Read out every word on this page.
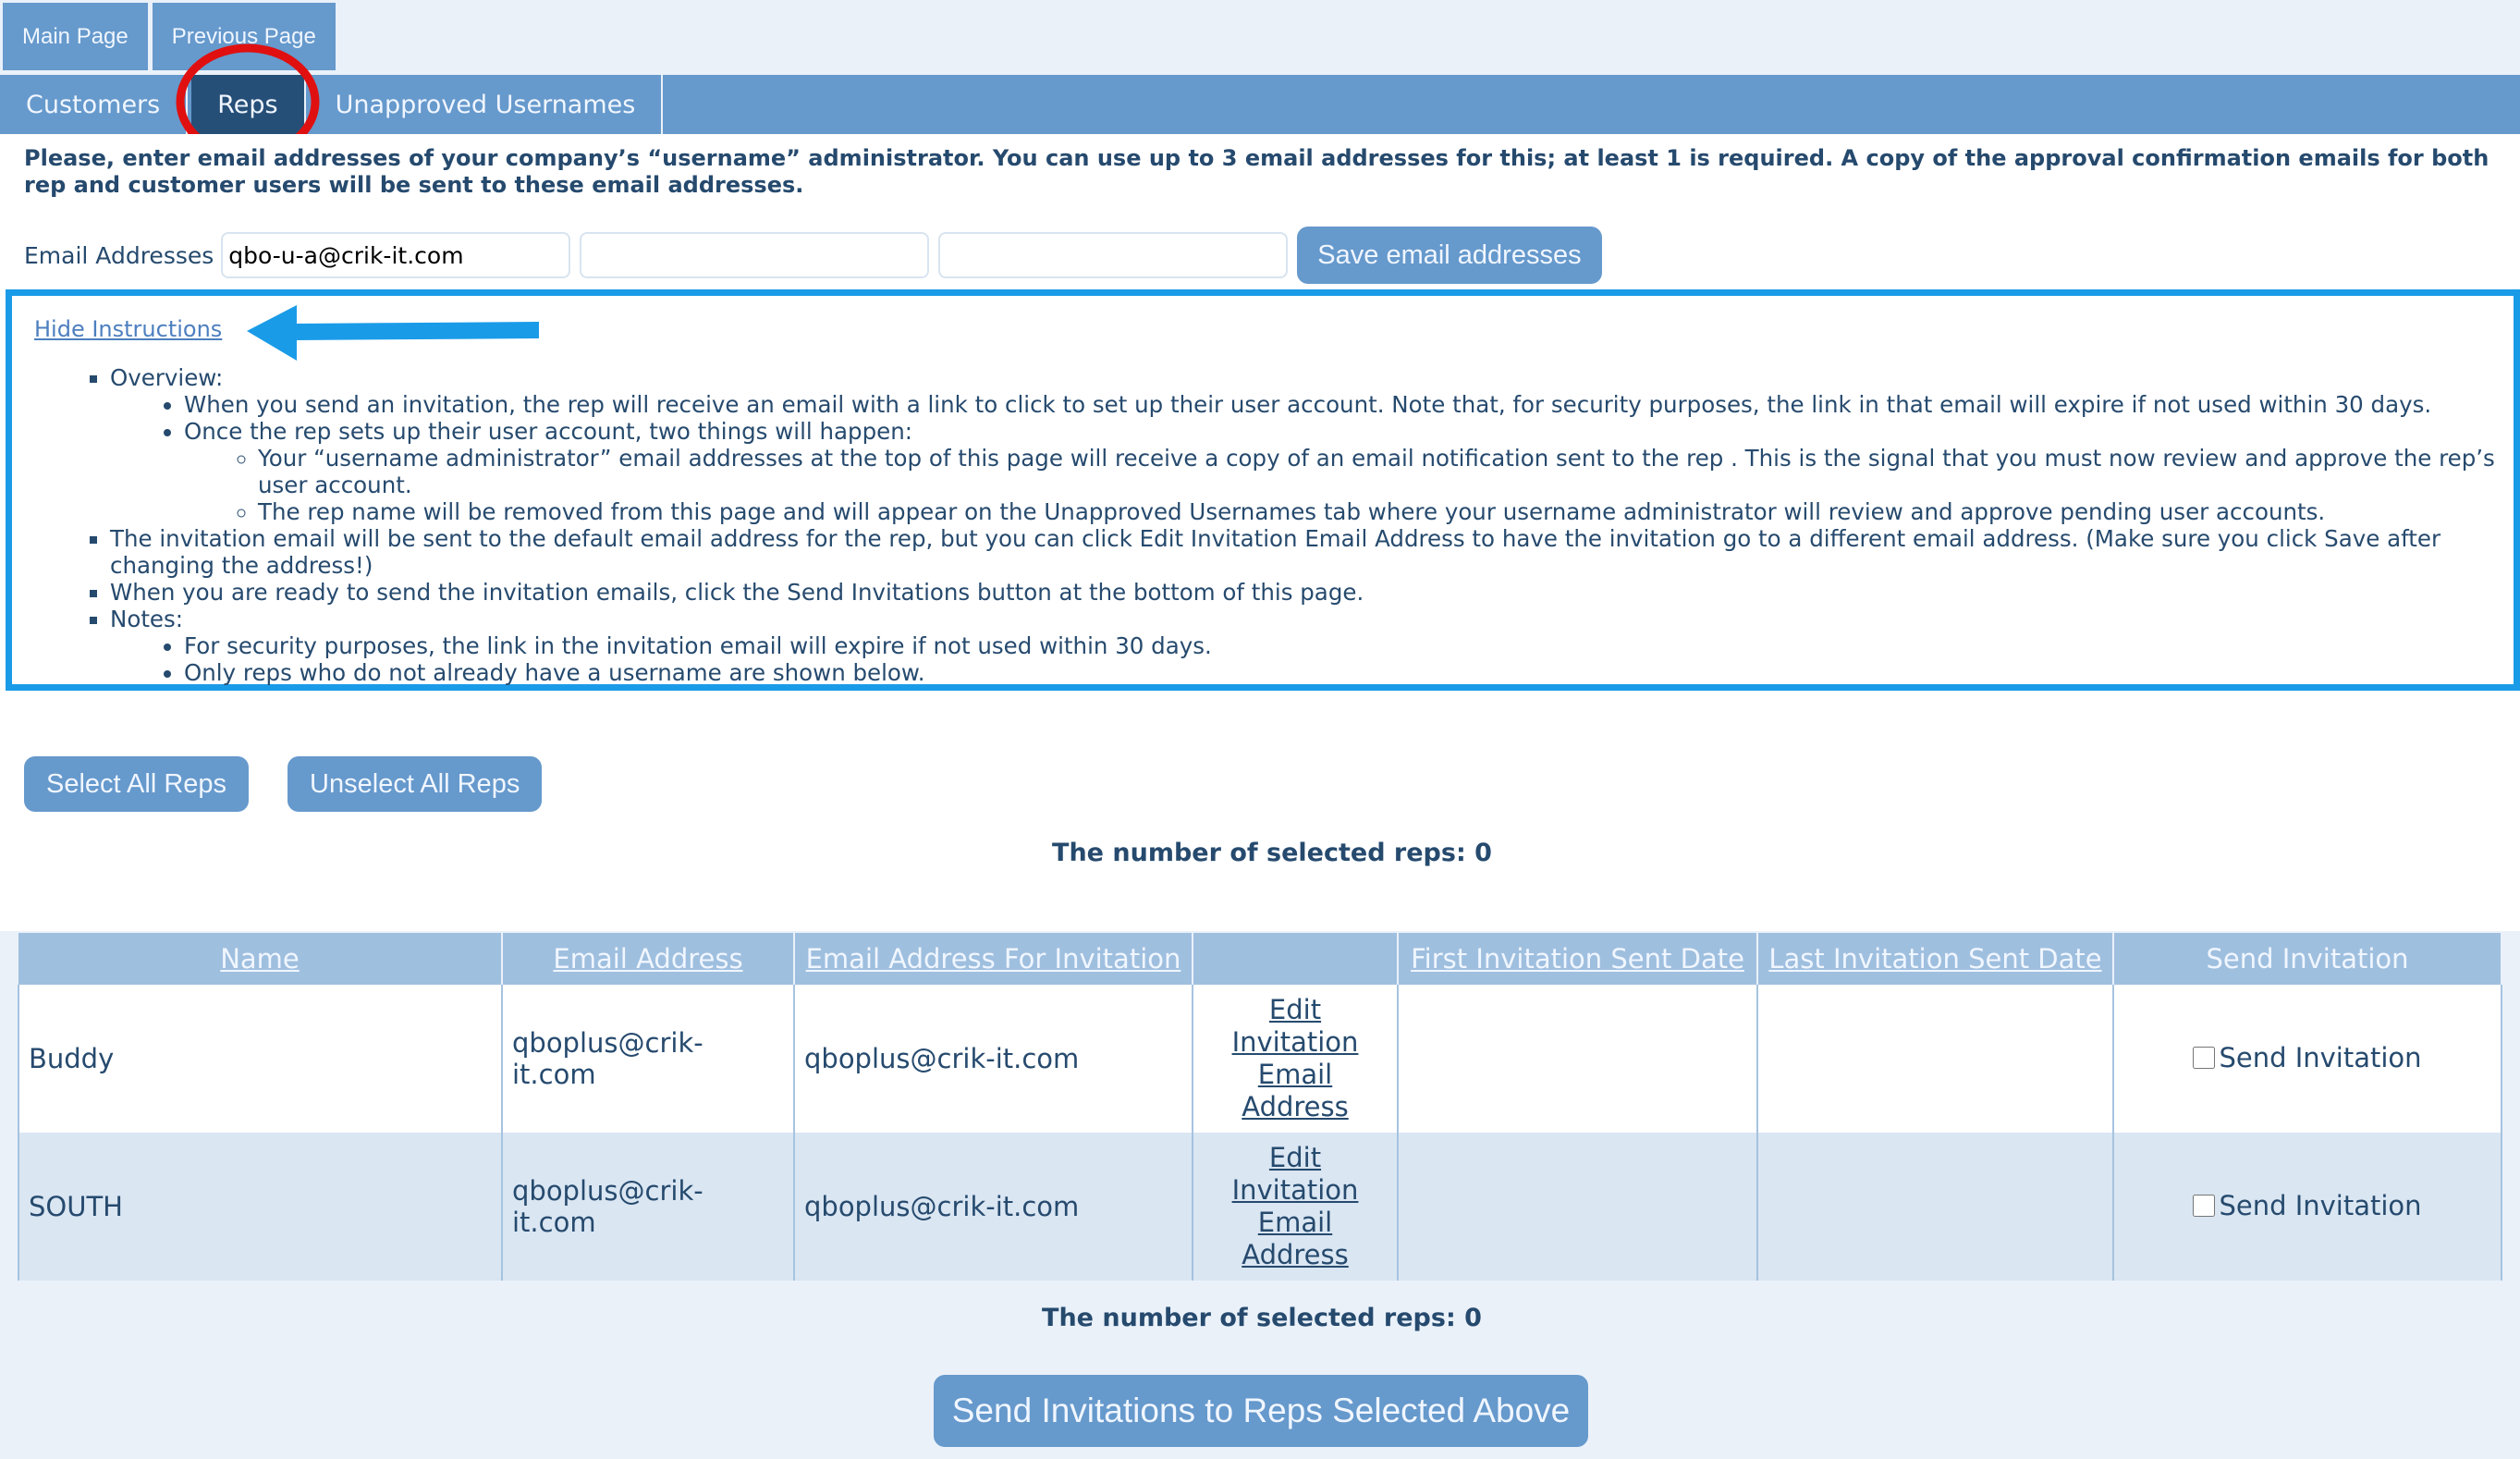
Main Page	Previous Page
Customers	Reps	Unapproved Usernames
Please, enter email addresses of your company’s “username” administrator. You can use up to 3 email addresses for this; at least 1 is required. A copy of the approval confirmation emails for both rep and customer users will be sent to these email addresses.
Email Addresses
qbo-u-a@crik-it.com	Save email addresses
Hide Instructions
▪ Overview:
• When you send an invitation, the rep will receive an email with a link to click to set up their user account. Note that, for security purposes, the link in that email will expire if not used within 30 days.
• Once the rep sets up their user account, two things will happen:
◦ Your “username administrator” email addresses at the top of this page will receive a copy of an email notification sent to the rep . This is the signal that you must now review and approve the rep’s user account.
◦ The rep name will be removed from this page and will appear on the Unapproved Usernames tab where your username administrator will review and approve pending user accounts.
▪ The invitation email will be sent to the default email address for the rep, but you can click Edit Invitation Email Address to have the invitation go to a different email address. (Make sure you click Save after changing the address!)
▪ When you are ready to send the invitation emails, click the Send Invitations button at the bottom of this page.
▪ Notes:
• For security purposes, the link in the invitation email will expire if not used within 30 days.
• Only reps who do not already have a username are shown below.
Select All Reps	Unselect All Reps
The number of selected reps: 0
Name	Email Address	Email Address For Invitation		First Invitation Sent Date	Last Invitation Sent Date	Send Invitation
Buddy	qboplus@crik-it.com	qboplus@crik-it.com	Edit Invitation Email Address			Send Invitation

SOUTH	qboplus@crik-it.com	qboplus@crik-it.com	Edit Invitation Email Address			Send Invitation
The number of selected reps: 0
Send Invitations to Reps Selected Above
